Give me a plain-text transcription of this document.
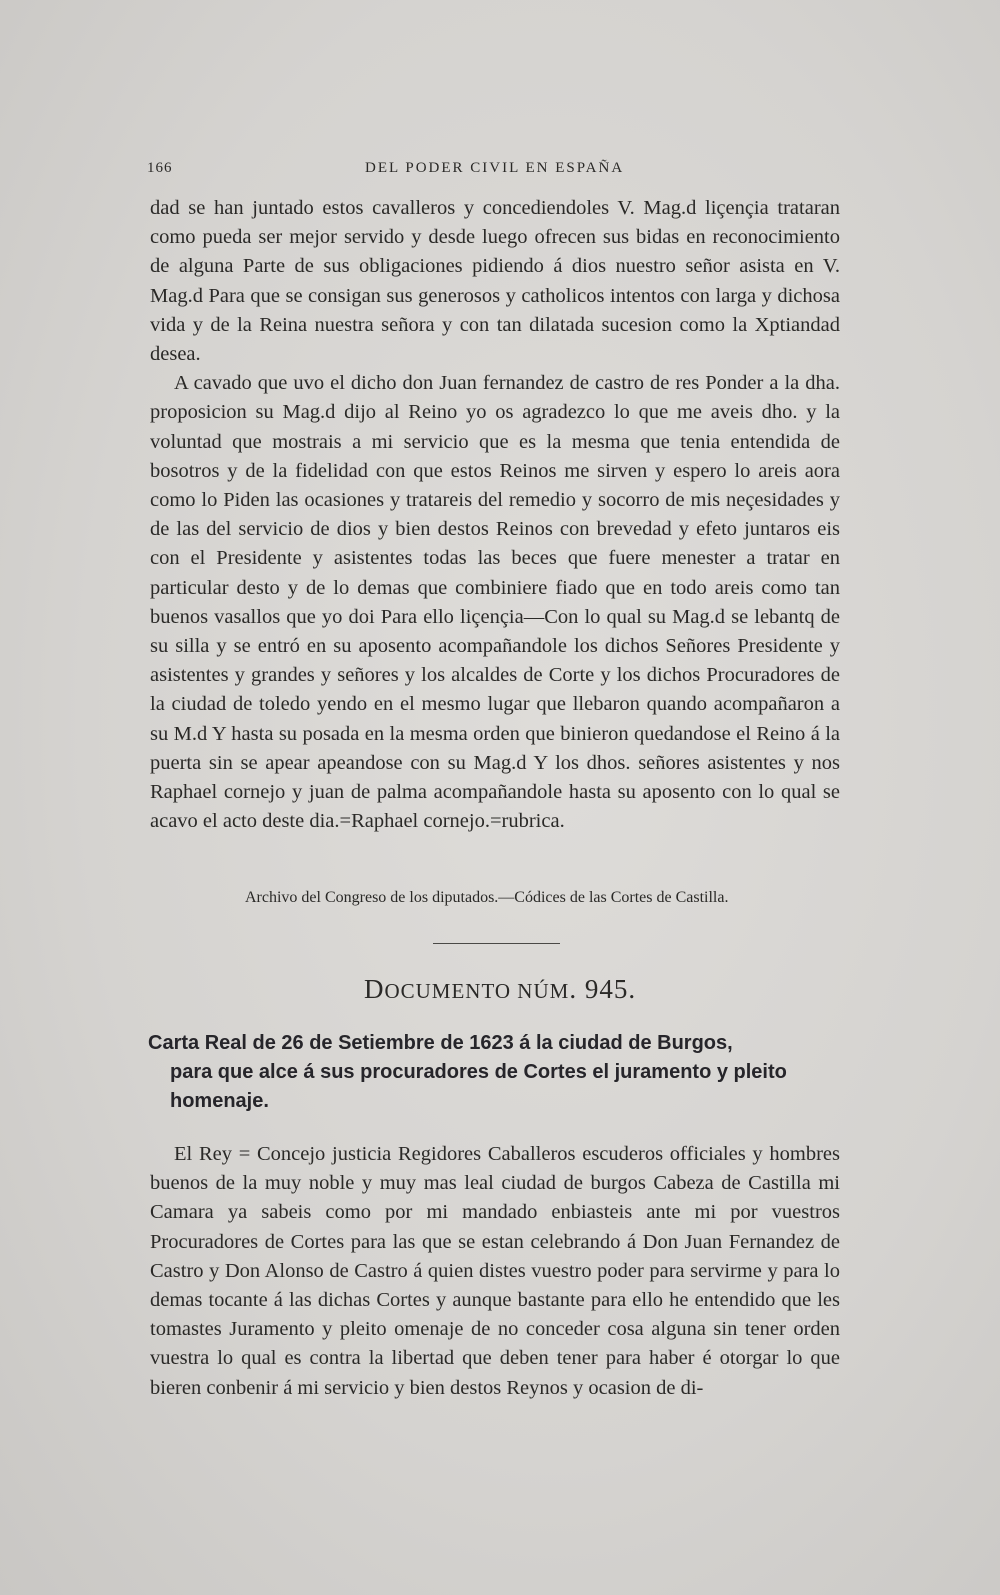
166	DEL PODER CIVIL EN ESPAÑA

dad se han juntado estos cavalleros y concediendoles V. Mag.d liçençia trataran como pueda ser mejor servido y desde luego ofrecen sus bidas en reconocimiento de alguna Parte de sus obligaciones pidiendo á dios nuestro señor asista en V. Mag.d Para que se consigan sus generosos y catholicos intentos con larga y dichosa vida y de la Reina nuestra señora y con tan dilatada sucesion como la Xptiandad desea.

A cavado que uvo el dicho don Juan fernandez de castro de res Ponder a la dha. proposicion su Mag.d dijo al Reino yo os agradezco lo que me aveis dho. y la voluntad que mostrais a mi servicio que es la mesma que tenia entendida de bosotros y de la fidelidad con que estos Reinos me sirven y espero lo areis aora como lo Piden las ocasiones y tratareis del remedio y socorro de mis neçesidades y de las del servicio de dios y bien destos Reinos con brevedad y efeto juntaros eis con el Presidente y asistentes todas las beces que fuere menester a tratar en particular desto y de lo demas que combiniere fiado que en todo areis como tan buenos vasallos que yo doi Para ello liçençia—Con lo qual su Mag.d se lebantq de su silla y se entró en su aposento acompañandole los dichos Señores Presidente y asistentes y grandes y señores y los alcaldes de Corte y los dichos Procuradores de la ciudad de toledo yendo en el mesmo lugar que llebaron quando acompañaron a su M.d Y hasta su posada en la mesma orden que binieron quedandose el Reino á la puerta sin se apear apeandose con su Mag.d Y los dhos. señores asistentes y nos Raphael cornejo y juan de palma acompañandole hasta su aposento con lo qual se acavo el acto deste dia.=Raphael cornejo.=rubrica.

Archivo del Congreso de los diputados.—Códices de las Cortes de Castilla.
DOCUMENTO NÚM. 945.
Carta Real de 26 de Setiembre de 1623 á la ciudad de Burgos,
para que alce á sus procuradores de Cortes el juramento y pleito homenaje.

El Rey = Concejo justicia Regidores Caballeros escuderos officiales y hombres buenos de la muy noble y muy mas leal ciudad de burgos Cabeza de Castilla mi Camara ya sabeis como por mi mandado enbiasteis ante mi por vuestros Procuradores de Cortes para las que se estan celebrando á Don Juan Fernandez de Castro y Don Alonso de Castro á quien distes vuestro poder para servirme y para lo demas tocante á las dichas Cortes y aunque bastante para ello he entendido que les tomastes Juramento y pleito omenaje de no conceder cosa alguna sin tener orden vuestra lo qual es contra la libertad que deben tener para haber é otorgar lo que bieren conbenir á mi servicio y bien destos Reynos y ocasion de di-
